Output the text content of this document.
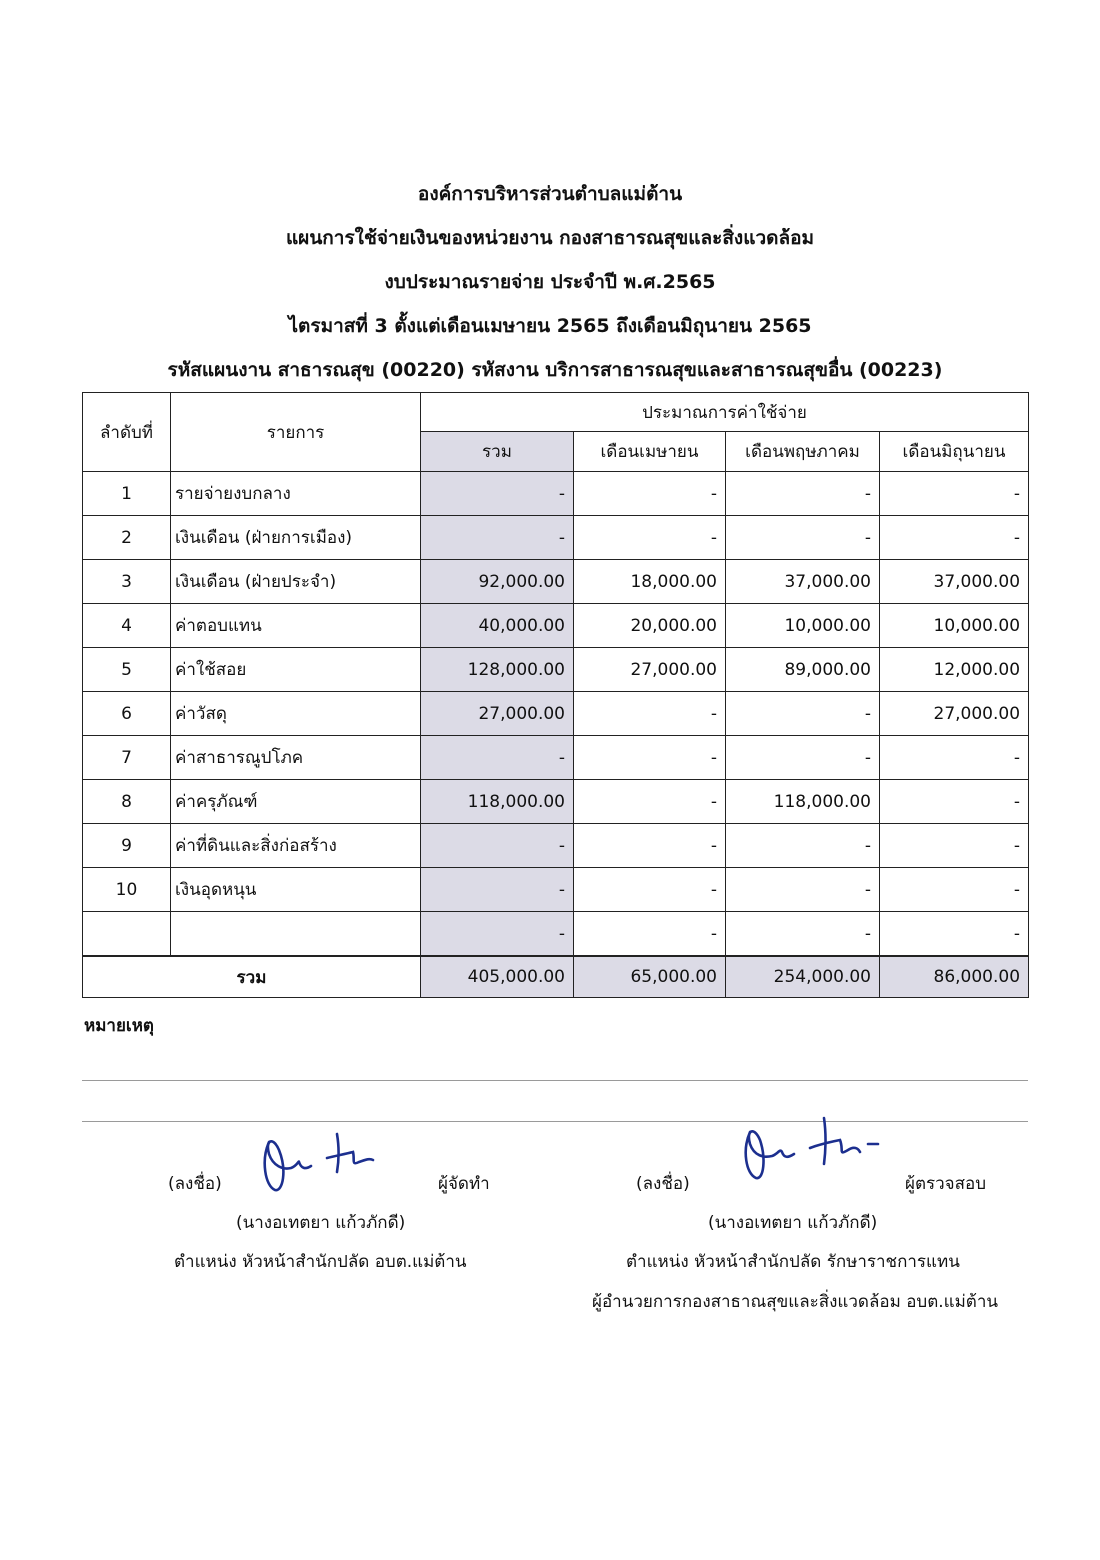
องค์การบริหารส่วนตำบลแม่ต้าน
แผนการใช้จ่ายเงินของหน่วยงาน กองสาธารณสุขและสิ่งแวดล้อม
งบประมาณรายจ่าย ประจำปี พ.ศ.2565
ไตรมาสที่ 3 ตั้งแต่เดือนเมษายน 2565 ถึงเดือนมิถุนายน 2565
รหัสแผนงาน สาธารณสุข (00220) รหัสงาน บริการสาธารณสุขและสาธารณสุขอื่น (00223)
ลำดับที่	รายการ	ประมาณการค่าใช้จ่าย			
		รวม	เดือนเมษายน	เดือนพฤษภาคม	เดือนมิถุนายน
1	รายจ่ายงบกลาง	-	-	-	-
2	เงินเดือน (ฝ่ายการเมือง)	-	-	-	-
3	เงินเดือน (ฝ่ายประจำ)	92,000.00	18,000.00	37,000.00	37,000.00
4	ค่าตอบแทน	40,000.00	20,000.00	10,000.00	10,000.00
5	ค่าใช้สอย	128,000.00	27,000.00	89,000.00	12,000.00
6	ค่าวัสดุ	27,000.00	-	-	27,000.00
7	ค่าสาธารณูปโภค	-	-	-	-
8	ค่าครุภัณฑ์	118,000.00	-	118,000.00	-
9	ค่าที่ดินและสิ่งก่อสร้าง	-	-	-	-
10	เงินอุดหนุน	-	-	-	-
		-	-	-	-
รวม		405,000.00	65,000.00	254,000.00	86,000.00
หมายเหตุ
(ลงชื่อ)	ผู้จัดทำ
(นางอเทตยา แก้วภักดี)
ตำแหน่ง หัวหน้าสำนักปลัด อบต.แม่ต้าน
(ลงชื่อ)	ผู้ตรวจสอบ
(นางอเทตยา แก้วภักดี)
ตำแหน่ง หัวหน้าสำนักปลัด รักษาราชการแทน
ผู้อำนวยการกองสาธาณสุขและสิ่งแวดล้อม อบต.แม่ต้าน
